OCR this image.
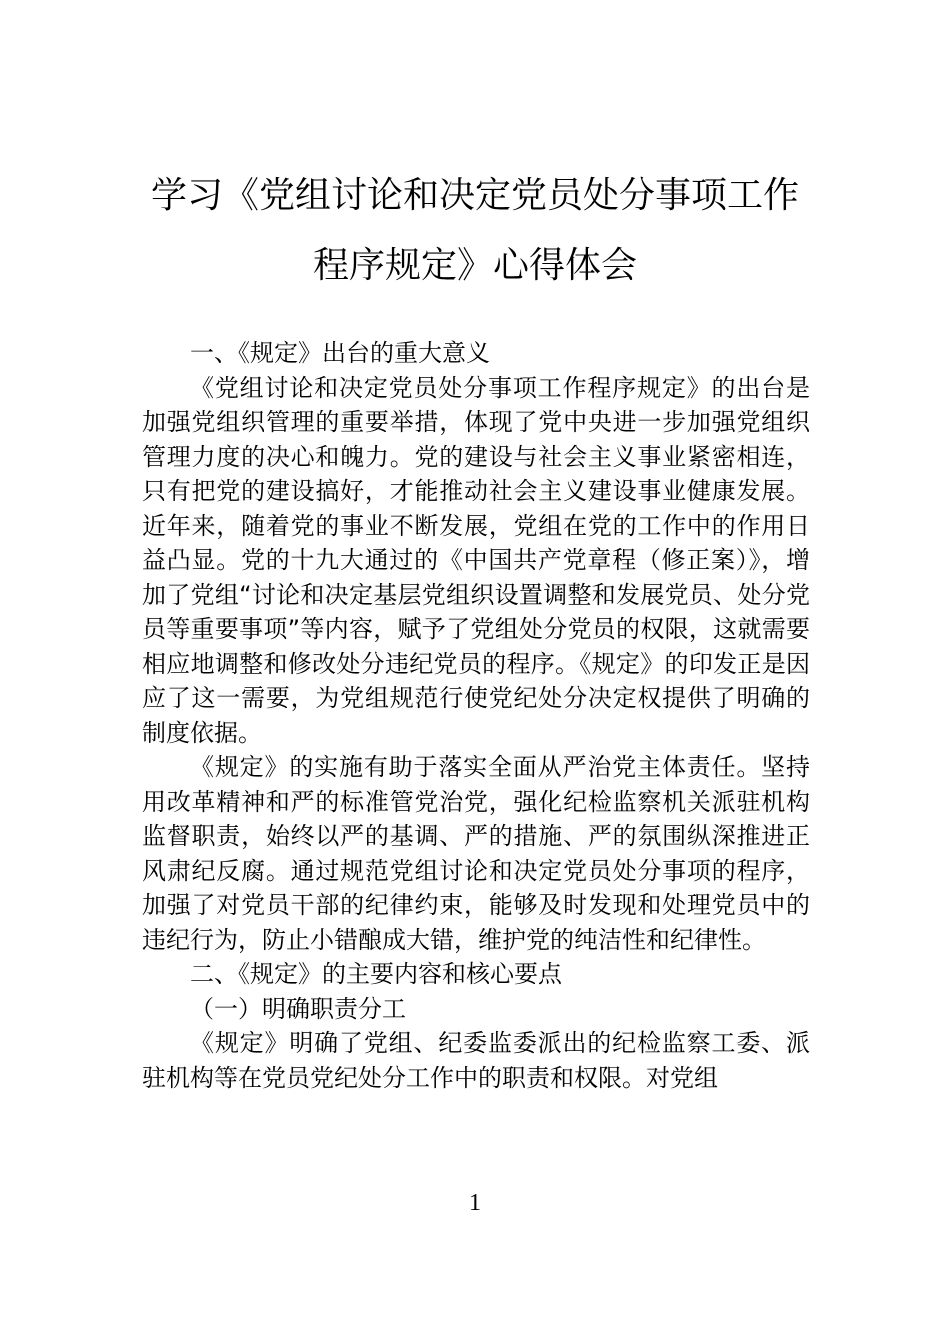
学习《党组讨论和决定党员处分事项工作
程序规定》心得体会

一、《规定》出台的重大意义

《党组讨论和决定党员处分事项工作程序规定》的出台是加强党组织管理的重要举措，体现了党中央进一步加强党组织管理力度的决心和魄力。党的建设与社会主义事业紧密相连，只有把党的建设搞好，才能推动社会主义建设事业健康发展。近年来，随着党的事业不断发展，党组在党的工作中的作用日益凸显。党的十九大通过的《中国共产党章程（修正案）》，增加了党组“讨论和决定基层党组织设置调整和发展党员、处分党员等重要事项”等内容，赋予了党组处分党员的权限，这就需要相应地调整和修改处分违纪党员的程序。《规定》的印发正是因应了这一需要，为党组规范行使党纪处分决定权提供了明确的制度依据。

《规定》的实施有助于落实全面从严治党主体责任。坚持用改革精神和严的标准管党治党，强化纪检监察机关派驻机构监督职责，始终以严的基调、严的措施、严的氛围纵深推进正风肃纪反腐。通过规范党组讨论和决定党员处分事项的程序，加强了对党员干部的纪律约束，能够及时发现和处理党员中的违纪行为，防止小错酿成大错，维护党的纯洁性和纪律性。

二、《规定》的主要内容和核心要点

（一）明确职责分工

《规定》明确了党组、纪委监委派出的纪检监察工委、派驻机构等在党员党纪处分工作中的职责和权限。对党组

1
